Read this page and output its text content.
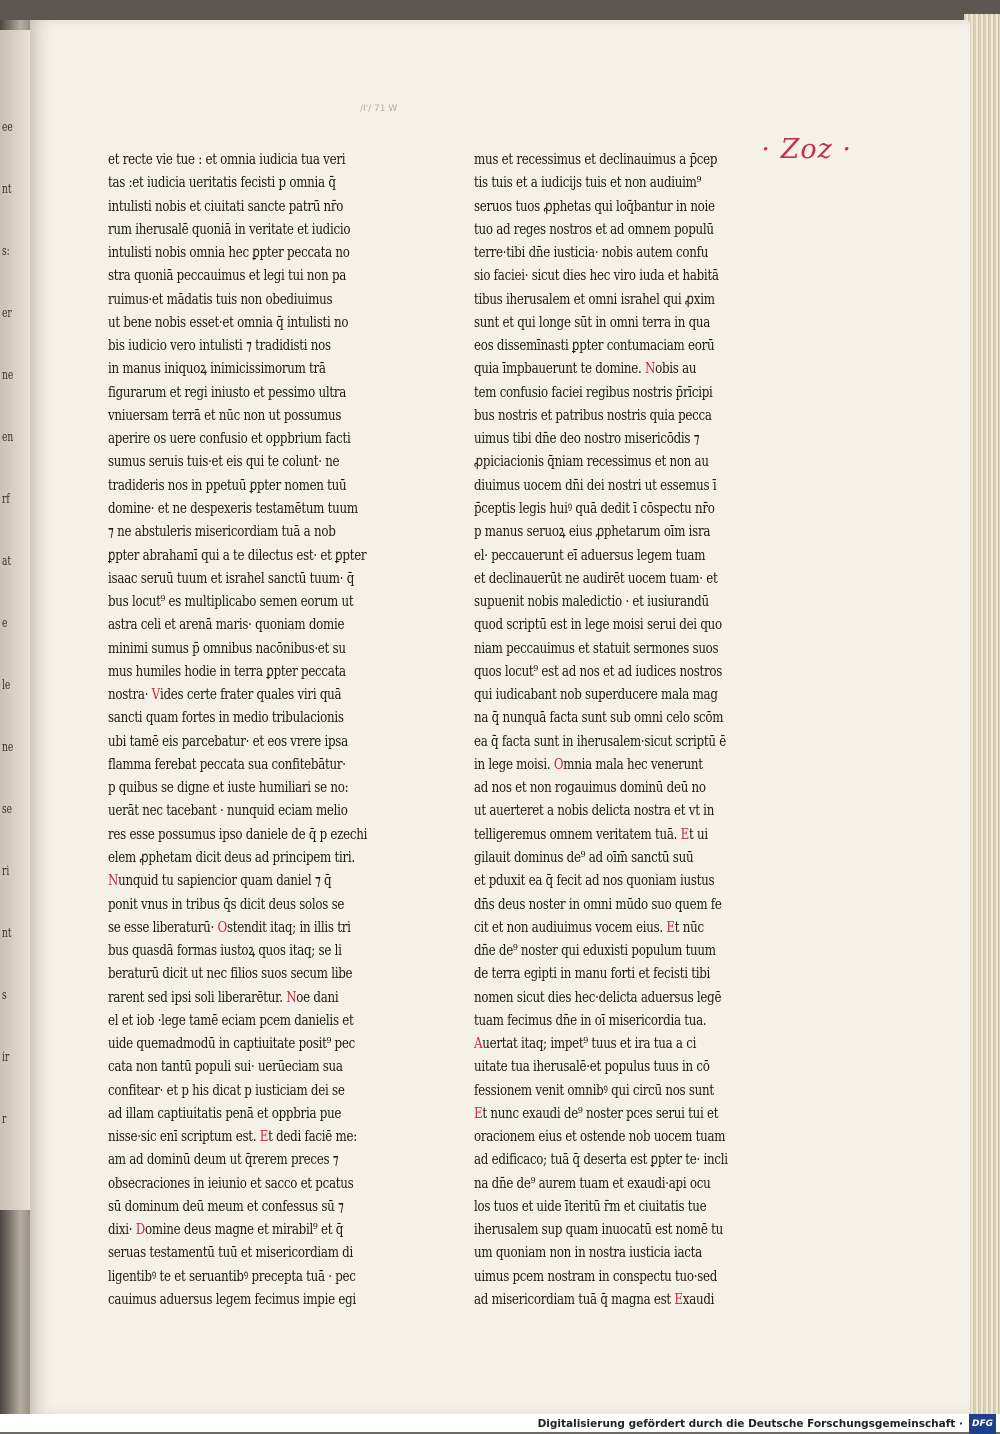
ee
nt
s:
er
ne
en
rf
at
e
le
ne
se
ri
nt
s
ir
r
/I'/ 71 W
· Zoz ·
et recte vie tue : et omnia iudicia tua veri
tas :et iudicia ueritatis fecisti p omnia q̄
intulisti nobis et ciuitati sancte patrū nr̄o
rum iherusalē quoniā in veritate et iudicio
intulisti nobis omnia hec ꝑpter peccata no
stra quoniā peccauimus et legi tui non pa
ruimus·et mādatis tuis non obediuimus
ut bene nobis esset·et omnia q̄ intulisti no
bis iudicio vero intulisti ⁊ tradidisti nos
in manus iniquoꝝ inimicissimorum trā
figurarum et regi iniusto et pessimo ultra
vniuersam terrā et nūc non ut possumus
aperire os uere confusio et oppbrium facti
sumus seruis tuis·et eis qui te colunt· ne
tradideris nos in ppetuū ꝑpter nomen tuū
domine· et ne despexeris testamētum tuum
⁊ ne abstuleris misericordiam tuā a nob
ꝑpter abrahamī qui a te dilectus est· et ꝑpter
isaac seruū tuum et israhel sanctū tuum· q̄
bus locut⁹ es multiplicabo semen eorum ut
astra celi et arenā maris· quoniam domie
minimi sumus p̄ omnibus nacōnibus·et su
mus humiles hodie in terra ꝑpter peccata
nostra· Vides certe frater quales viri quā
sancti quam fortes in medio tribulacionis
ubi tamē eis parcebatur· et eos vrere ipsa
flamma ferebat peccata sua confitebātur·
p quibus se digne et iuste humiliari se no:
uerāt nec tacebant · nunquid eciam melio
res esse possumus ipso daniele de q̄ p ezechi
elem ꝓphetam dicit deus ad principem tiri.
Nunquid tu sapiencior quam daniel ⁊ q̄
ponit vnus in tribus q̄s dicit deus solos se
se esse liberaturū· Ostendit itaq; in illis tri
bus quasdā formas iustoꝝ quos itaq; se li
beraturū dicit ut nec filios suos secum libe
rarent sed ipsi soli liberarētur. Noe dani
el et iob ·lege tamē eciam pcem danielis et
uide quemadmodū in captiuitate posit⁹ pec
cata non tantū populi sui· uerūeciam sua
confitear· et p his dicat p iusticiam dei se
ad illam captiuitatis penā et oppbria pue
nisse·sic enī scriptum est. Et dedi faciē me:
am ad dominū deum ut q̄rerem preces ⁊
obsecraciones in ieiunio et sacco et pcatus
sū dominum deū meum et confessus sū ⁊
dixi· Domine deus magne et mirabil⁹ et q̄
seruas testamentū tuū et misericordiam di
ligentibꝰ te et seruantibꝰ precepta tuā · pec
cauimus aduersus legem fecimus impie egi
mus et recessimus et declinauimus a p̄cep
tis tuis et a iudicijs tuis et non audiuim⁹
seruos tuos ꝓphetas qui loq̄bantur in noie
tuo ad reges nostros et ad omnem populū
terre·tibi dn̄e iusticia· nobis autem confu
sio faciei· sicut dies hec viro iuda et habitā
tibus iherusalem et omni israhel qui ꝓxim
sunt et qui longe sūt in omni terra in qua
eos dissemīnasti ꝑpter contumaciam eorū
quia īmpbauerunt te domine. Nobis au
tem confusio faciei regibus nostris p̄rīcipi
bus nostris et patribus nostris quia pecca
uimus tibi dn̄e deo nostro misericōdis ⁊
ꝓpiciacionis q̄niam recessimus et non au
diuimus uocem dn̄i dei nostri ut essemus ī
p̄ceptis legis huiꝰ quā dedit ī cōspectu nr̄o
p manus seruoꝝ eius ꝓphetarum oīm isra
el· peccauerunt eī aduersus legem tuam
et declinauerūt ne audirēt uocem tuam· et
supuenit nobis maledictio · et iusiurandū
quod scriptū est in lege moisi serui dei quo
niam peccauimus et statuit sermones suos
quos locut⁹ est ad nos et ad iudices nostros
qui iudicabant nob superducere mala mag
na q̄ nunquā facta sunt sub omni celo scōm
ea q̄ facta sunt in iherusalem·sicut scriptū ē
in lege moisi. Omnia mala hec venerunt
ad nos et non rogauimus dominū deū no
ut auerteret a nobis delicta nostra et vt in
telligeremus omnem veritatem tuā. Et ui
gilauit dominus de⁹ ad oīm̄ sanctū suū
et pduxit ea q̄ fecit ad nos quoniam iustus
dn̄s deus noster in omni mūdo suo quem fe
cit et non audiuimus vocem eius. Et nūc
dn̄e de⁹ noster qui eduxisti populum tuum
de terra egipti in manu forti et fecisti tibi
nomen sicut dies hec·delicta aduersus legē
tuam fecimus dn̄e in oī misericordia tua.
Auertat itaq; impet⁹ tuus et ira tua a ci
uitate tua iherusalē·et populus tuus in cō
fessionem venit omnibꝰ qui circū nos sunt
Et nunc exaudi de⁹ noster pces serui tui et
oracionem eius et ostende nob uocem tuam
ad edificaco; tuā q̄ deserta est ꝑpter te· incli
na dn̄e de⁹ aurem tuam et exaudi·api ocu
los tuos et uide īteritū r̄m et ciuitatis tue
iherusalem sup quam inuocatū est nomē tu
um quoniam non in nostra iusticia iacta
uimus pcem nostram in conspectu tuo·sed
ad misericordiam tuā q̄ magna est Exaudi
Digitalisierung gefördert durch die Deutsche Forschungsgemeinschaft · DFG
